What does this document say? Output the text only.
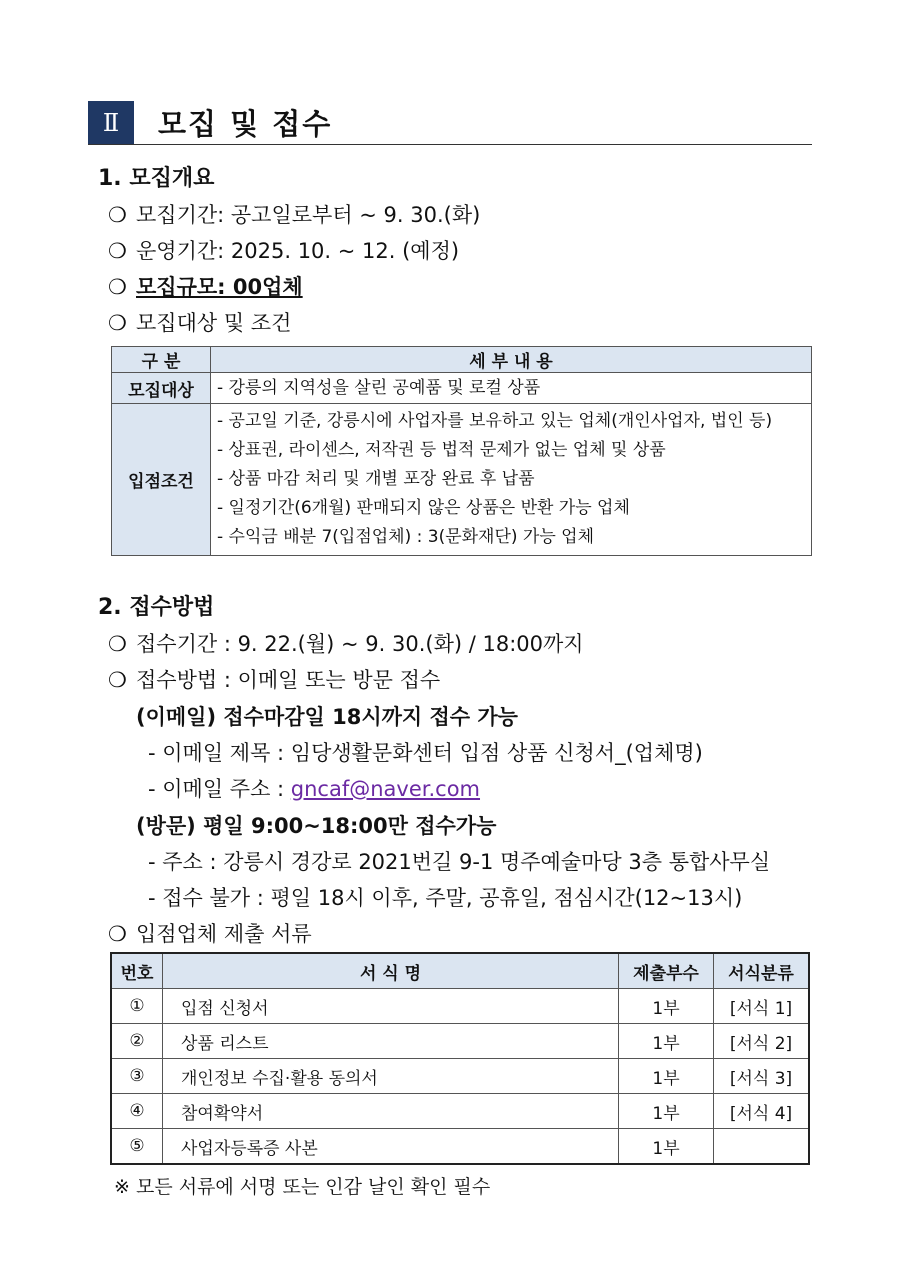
Ⅱ 모집 및 접수
1. 모집개요
❍ 모집기간: 공고일로부터 ~ 9. 30.(화)
❍ 운영기간: 2025. 10. ~ 12. (예정)
❍ 모집규모: 00업체
❍ 모집대상 및 조건
구 분	세 부 내 용
모집대상	- 강릉의 지역성을 살린 공예품 및 로컬 상품

입점조건	- 공고일 기준, 강릉시에 사업자를 보유하고 있는 업체(개인사업자, 법인 등)
- 상표권, 라이센스, 저작권 등 법적 문제가 없는 업체 및 상품
- 상품 마감 처리 및 개별 포장 완료 후 납품
- 일정기간(6개월) 판매되지 않은 상품은 반환 가능 업체
- 수익금 배분 7(입점업체) : 3(문화재단) 가능 업체
2. 접수방법
❍ 접수기간 : 9. 22.(월) ~ 9. 30.(화) / 18:00까지
❍ 접수방법 : 이메일 또는 방문 접수
(이메일) 접수마감일 18시까지 접수 가능
- 이메일 제목 : 임당생활문화센터 입점 상품 신청서_(업체명)
- 이메일 주소 : gncaf@naver.com
(방문) 평일 9:00~18:00만 접수가능
- 주소 : 강릉시 경강로 2021번길 9-1 명주예술마당 3층 통합사무실
- 접수 불가 : 평일 18시 이후, 주말, 공휴일, 점심시간(12~13시)
❍ 입점업체 제출 서류
번호	서 식 명	제출부수	서식분류
①	입점 신청서	1부	[서식 1]
②	상품 리스트	1부	[서식 2]
③	개인정보 수집·활용 동의서	1부	[서식 3]
④	참여확약서	1부	[서식 4]
⑤	사업자등록증 사본	1부	
※ 모든 서류에 서명 또는 인감 날인 확인 필수
